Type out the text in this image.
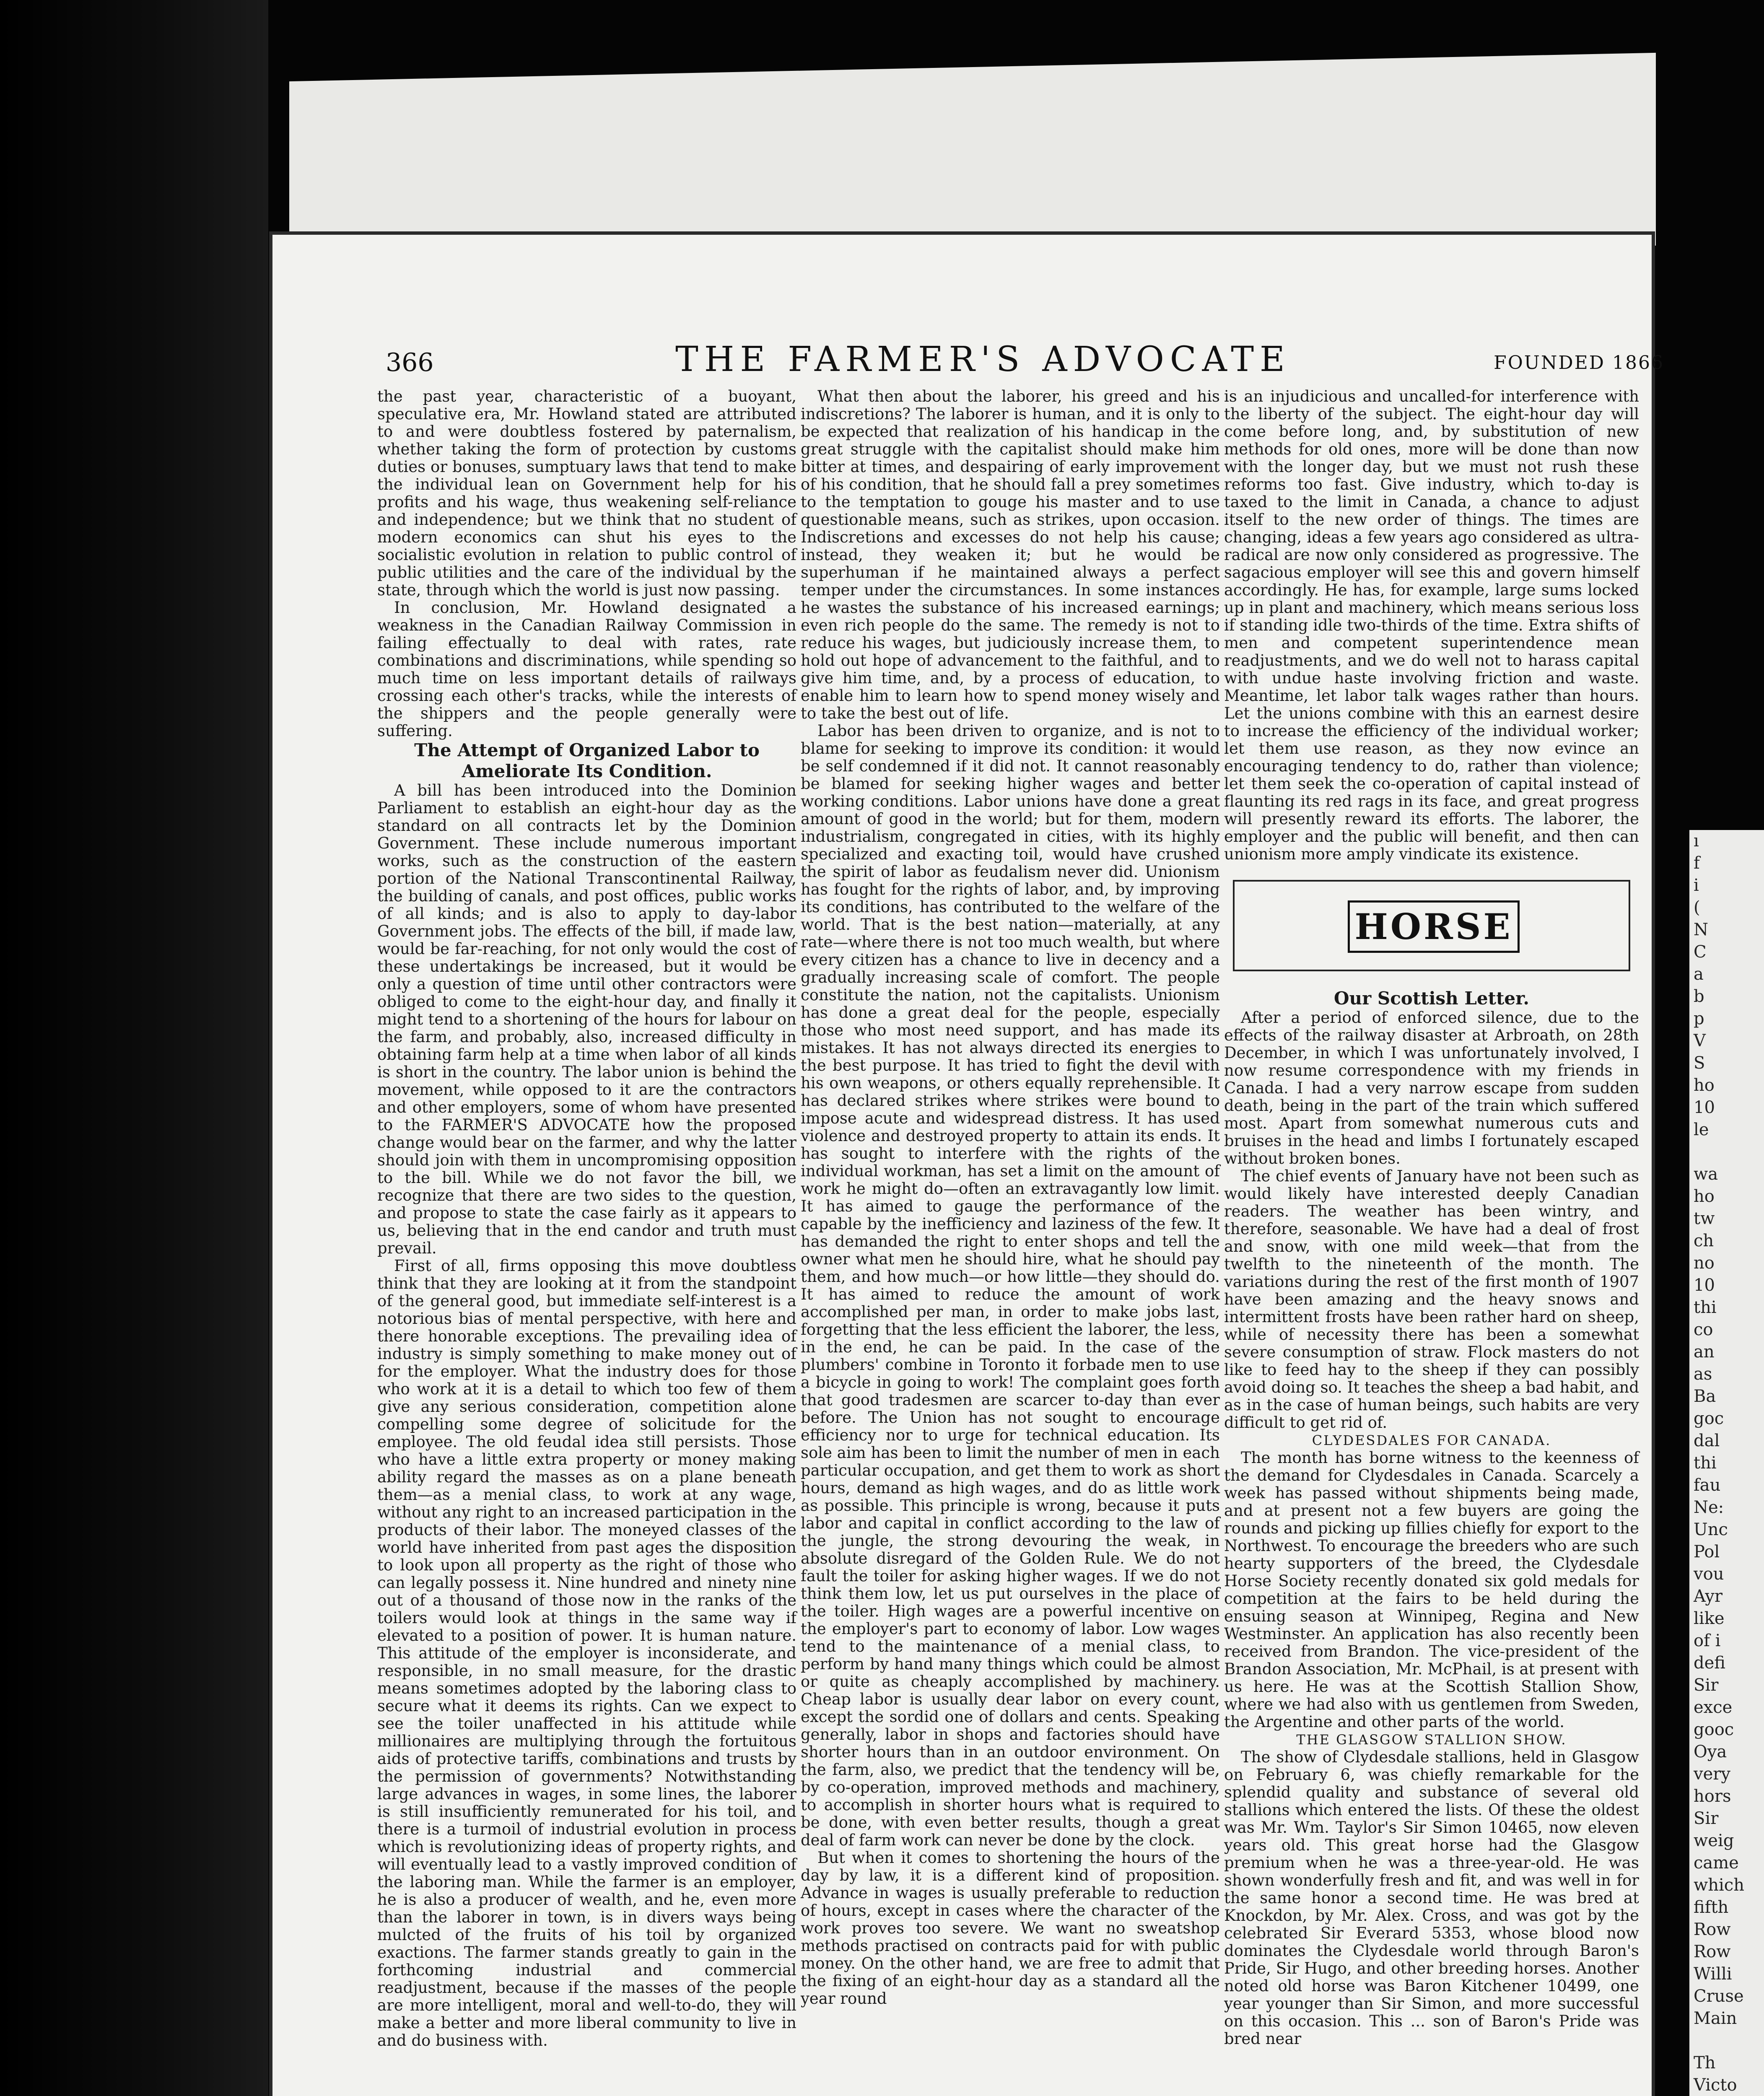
366	THE FARMER'S ADVOCATE	FOUNDED 1866

the past year, characteristic of a buoyant, speculative era, Mr. Howland stated are attributed to and were doubtless fostered by paternalism, whether taking the form of protection by customs duties or bonuses, sumptuary laws that tend to make the individual lean on Government help for his profits and his wage, thus weakening self-reliance and independence; but we think that no student of modern economics can shut his eyes to the socialistic evolution in relation to public control of public utilities and the care of the individual by the state, through which the world is just now passing.

In conclusion, Mr. Howland designated a weakness in the Canadian Railway Commission in failing effectually to deal with rates, rate combinations and discriminations, while spending so much time on less important details of railways crossing each other's tracks, while the interests of the shippers and the people generally were suffering.

The Attempt of Organized Labor to Ameliorate Its Condition.

A bill has been introduced into the Dominion Parliament to establish an eight-hour day as the standard on all contracts let by the Dominion Government. These include numerous important works, such as the construction of the eastern portion of the National Transcontinental Railway, the building of canals, and post offices, public works of all kinds; and is also to apply to day-labor Government jobs. The effects of the bill, if made law, would be far-reaching, for not only would the cost of these undertakings be increased, but it would be only a question of time until other contractors were obliged to come to the eight-hour day, and finally it might tend to a shortening of the hours for labour on the farm, and probably, also, increased difficulty in obtaining farm help at a time when labor of all kinds is short in the country. The labor union is behind the movement, while opposed to it are the contractors and other employers, some of whom have presented to the FARMER'S ADVOCATE how the proposed change would bear on the farmer, and why the latter should join with them in uncompromising opposition to the bill. While we do not favor the bill, we recognize that there are two sides to the question, and propose to state the case fairly as it appears to us, believing that in the end candor and truth must prevail.

First of all, firms opposing this move doubtless think that they are looking at it from the standpoint of the general good, but immediate self-interest is a notorious bias of mental perspective, with here and there honorable exceptions. The prevailing idea of industry is simply something to make money out of for the employer. What the industry does for those who work at it is a detail to which too few of them give any serious consideration, competition alone compelling some degree of solicitude for the employee. The old feudal idea still persists. Those who have a little extra property or money making ability regard the masses as on a plane beneath them—as a menial class, to work at any wage, without any right to an increased participation in the products of their labor. The moneyed classes of the world have inherited from past ages the disposition to look upon all property as the right of those who can legally possess it. Nine hundred and ninety nine out of a thousand of those now in the ranks of the toilers would look at things in the same way if elevated to a position of power. It is human nature. This attitude of the employer is inconsiderate, and responsible, in no small measure, for the drastic means sometimes adopted by the laboring class to secure what it deems its rights. Can we expect to see the toiler unaffected in his attitude while millionaires are multiplying through the fortuitous aids of protective tariffs, combinations and trusts by the permission of governments? Notwithstanding large advances in wages, in some lines, the laborer is still insufficiently remunerated for his toil, and there is a turmoil of industrial evolution in process which is revolutionizing ideas of property rights, and will eventually lead to a vastly improved condition of the laboring man. While the farmer is an employer, he is also a producer of wealth, and he, even more than the laborer in town, is in divers ways being mulcted of the fruits of his toil by organized exactions. The farmer stands greatly to gain in the forthcoming industrial and commercial readjustment, because if the masses of the people are more intelligent, moral and well-to-do, they will make a better and more liberal community to live in and do business with.

What then about the laborer, his greed and his indiscretions? The laborer is human, and it is only to be expected that realization of his handicap in the great struggle with the capitalist should make him bitter at times, and despairing of early improvement of his condition, that he should fall a prey sometimes to the temptation to gouge his master and to use questionable means, such as strikes, upon occasion. Indiscretions and excesses do not help his cause; instead, they weaken it; but he would be superhuman if he maintained always a perfect temper under the circumstances. In some instances he wastes the substance of his increased earnings; even rich people do the same. The remedy is not to reduce his wages, but judiciously increase them, to hold out hope of advancement to the faithful, and to give him time, and, by a process of education, to enable him to learn how to spend money wisely and to take the best out of life.

Labor has been driven to organize, and is not to blame for seeking to improve its condition: it would be self condemned if it did not. It cannot reasonably be blamed for seeking higher wages and better working conditions. Labor unions have done a great amount of good in the world; but for them, modern industrialism, congregated in cities, with its highly specialized and exacting toil, would have crushed the spirit of labor as feudalism never did. Unionism has fought for the rights of labor, and, by improving its conditions, has contributed to the welfare of the world. That is the best nation—materially, at any rate—where there is not too much wealth, but where every citizen has a chance to live in decency and a gradually increasing scale of comfort. The people constitute the nation, not the capitalists. Unionism has done a great deal for the people, especially those who most need support, and has made its mistakes. It has not always directed its energies to the best purpose. It has tried to fight the devil with his own weapons, or others equally reprehensible. It has declared strikes where strikes were bound to impose acute and widespread distress. It has used violence and destroyed property to attain its ends. It has sought to interfere with the rights of the individual workman, has set a limit on the amount of work he might do—often an extravagantly low limit. It has aimed to gauge the performance of the capable by the inefficiency and laziness of the few. It has demanded the right to enter shops and tell the owner what men he should hire, what he should pay them, and how much—or how little—they should do. It has aimed to reduce the amount of work accomplished per man, in order to make jobs last, forgetting that the less efficient the laborer, the less, in the end, he can be paid. In the case of the plumbers' combine in Toronto it forbade men to use a bicycle in going to work! The complaint goes forth that good tradesmen are scarcer to-day than ever before. The Union has not sought to encourage efficiency nor to urge for technical education. Its sole aim has been to limit the number of men in each particular occupation, and get them to work as short hours, demand as high wages, and do as little work as possible. This principle is wrong, because it puts labor and capital in conflict according to the law of the jungle, the strong devouring the weak, in absolute disregard of the Golden Rule. We do not fault the toiler for asking higher wages. If we do not think them low, let us put ourselves in the place of the toiler. High wages are a powerful incentive on the employer's part to economy of labor. Low wages tend to the maintenance of a menial class, to perform by hand many things which could be almost or quite as cheaply accomplished by machinery. Cheap labor is usually dear labor on every count, except the sordid one of dollars and cents. Speaking generally, labor in shops and factories should have shorter hours than in an outdoor environment. On the farm, also, we predict that the tendency will be, by co-operation, improved methods and machinery, to accomplish in shorter hours what is required to be done, with even better results, though a great deal of farm work can never be done by the clock.

But when it comes to shortening the hours of the day by law, it is a different kind of proposition. Advance in wages is usually preferable to reduction of hours, except in cases where the character of the work proves too severe. We want no sweatshop methods practised on contracts paid for with public money. On the other hand, we are free to admit that the fixing of an eight-hour day as a standard all the year round

is an injudicious and uncalled-for interference with the liberty of the subject. The eight-hour day will come before long, and, by substitution of new methods for old ones, more will be done than now with the longer day, but we must not rush these reforms too fast. Give industry, which to-day is taxed to the limit in Canada, a chance to adjust itself to the new order of things. The times are changing, ideas a few years ago considered as ultra-radical are now only considered as progressive. The sagacious employer will see this and govern himself accordingly. He has, for example, large sums locked up in plant and machinery, which means serious loss if standing idle two-thirds of the time. Extra shifts of men and competent superintendence mean readjustments, and we do well not to harass capital with undue haste involving friction and waste. Meantime, let labor talk wages rather than hours. Let the unions combine with this an earnest desire to increase the efficiency of the individual worker; let them use reason, as they now evince an encouraging tendency to do, rather than violence; let them seek the co-operation of capital instead of flaunting its red rags in its face, and great progress will presently reward its efforts. The laborer, the employer and the public will benefit, and then can unionism more amply vindicate its existence.

HORSE

Our Scottish Letter.

After a period of enforced silence, due to the effects of the railway disaster at Arbroath, on 28th December, in which I was unfortunately involved, I now resume correspondence with my friends in Canada. I had a very narrow escape from sudden death, being in the part of the train which suffered most. Apart from somewhat numerous cuts and bruises in the head and limbs I fortunately escaped without broken bones.

The chief events of January have not been such as would likely have interested deeply Canadian readers. The weather has been wintry, and therefore, seasonable. We have had a deal of frost and snow, with one mild week—that from the twelfth to the nineteenth of the month. The variations during the rest of the first month of 1907 have been amazing and the heavy snows and intermittent frosts have been rather hard on sheep, while of necessity there has been a somewhat severe consumption of straw. Flock masters do not like to feed hay to the sheep if they can possibly avoid doing so. It teaches the sheep a bad habit, and as in the case of human beings, such habits are very difficult to get rid of.

CLYDESDALES FOR CANADA.

The month has borne witness to the keenness of the demand for Clydesdales in Canada. Scarcely a week has passed without shipments being made, and at present not a few buyers are going the rounds and picking up fillies chiefly for export to the Northwest. To encourage the breeders who are such hearty supporters of the breed, the Clydesdale Horse Society recently donated six gold medals for competition at the fairs to be held during the ensuing season at Winnipeg, Regina and New Westminster. An application has also recently been received from Brandon. The vice-president of the Brandon Association, Mr. McPhail, is at present with us here. He was at the Scottish Stallion Show, where we had also with us gentlemen from Sweden, the Argentine and other parts of the world.

THE GLASGOW STALLION SHOW.

The show of Clydesdale stallions, held in Glasgow on February 6, was chiefly remarkable for the splendid quality and substance of several old stallions which entered the lists. Of these the oldest was Mr. Wm. Taylor's Sir Simon 10465, now eleven years old. This great horse had the Glasgow premium when he was a three-year-old. He was shown wonderfully fresh and fit, and was well in for the same honor a second time. He was bred at Knockdon, by Mr. Alex. Cross, and was got by the celebrated Sir Everard 5353, whose blood now dominates the Clydesdale world through Baron's Pride, Sir Hugo, and other breeding horses. Another noted old horse was Baron Kitchener 10499, one year younger than Sir Simon, and more successful on this occasion. This ... son of Baron's Pride was bred near

ı
f
i
(
N
C
a
b
p
V
S
ho
10
le

wa
ho
tw
ch
no
10
thi
co
an
as
Ba
goc
dal
thi
fau
Ne:
Unc
Pol
vou
Ayr
like
of i
defi
Sir
exce
gooc
Oya
very
hors
Sir
weig
came
which
fifth
Row
Row
Willi
Cruse
Main

Th
Victo
